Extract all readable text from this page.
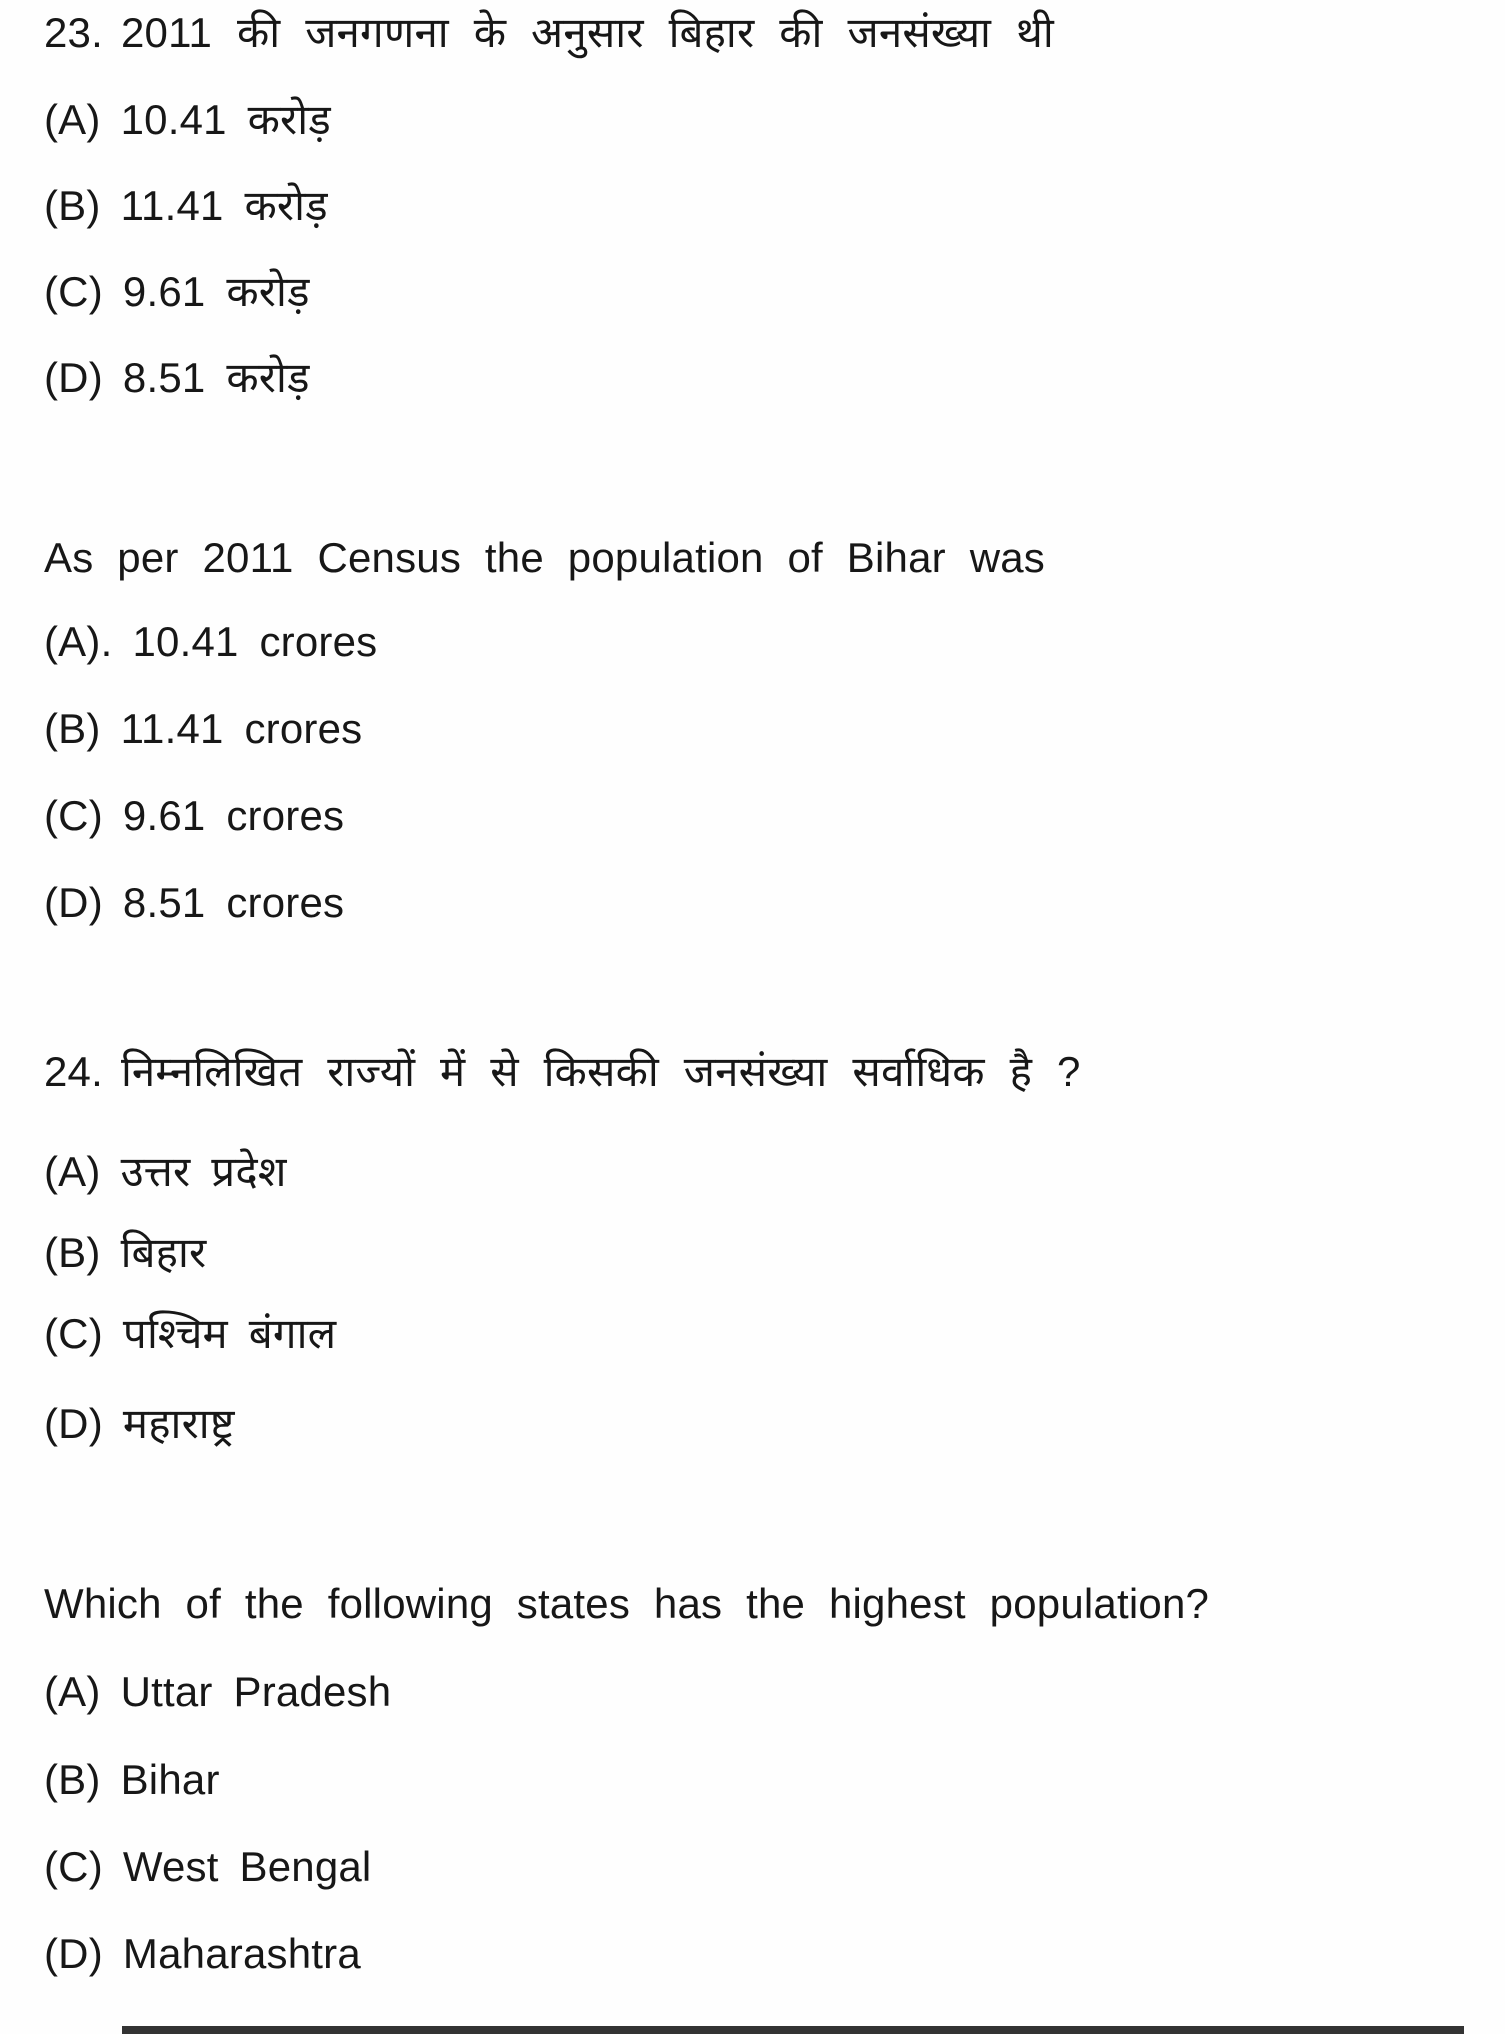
23. 2011 की जनगणना के अनुसार बिहार की जनसंख्या थी
(A) 10.41 करोड़
(B) 11.41 करोड़
(C) 9.61 करोड़
(D) 8.51 करोड़
As per 2011 Census the population of Bihar was
(A). 10.41 crores
(B) 11.41 crores
(C) 9.61 crores
(D) 8.51 crores
24. निम्नलिखित राज्यों में से किसकी जनसंख्या सर्वाधिक है ?
(A) उत्तर प्रदेश
(B) बिहार
(C) पश्चिम बंगाल
(D) महाराष्ट्र
Which of the following states has the highest population?
(A) Uttar Pradesh
(B) Bihar
(C) West Bengal
(D) Maharashtra
